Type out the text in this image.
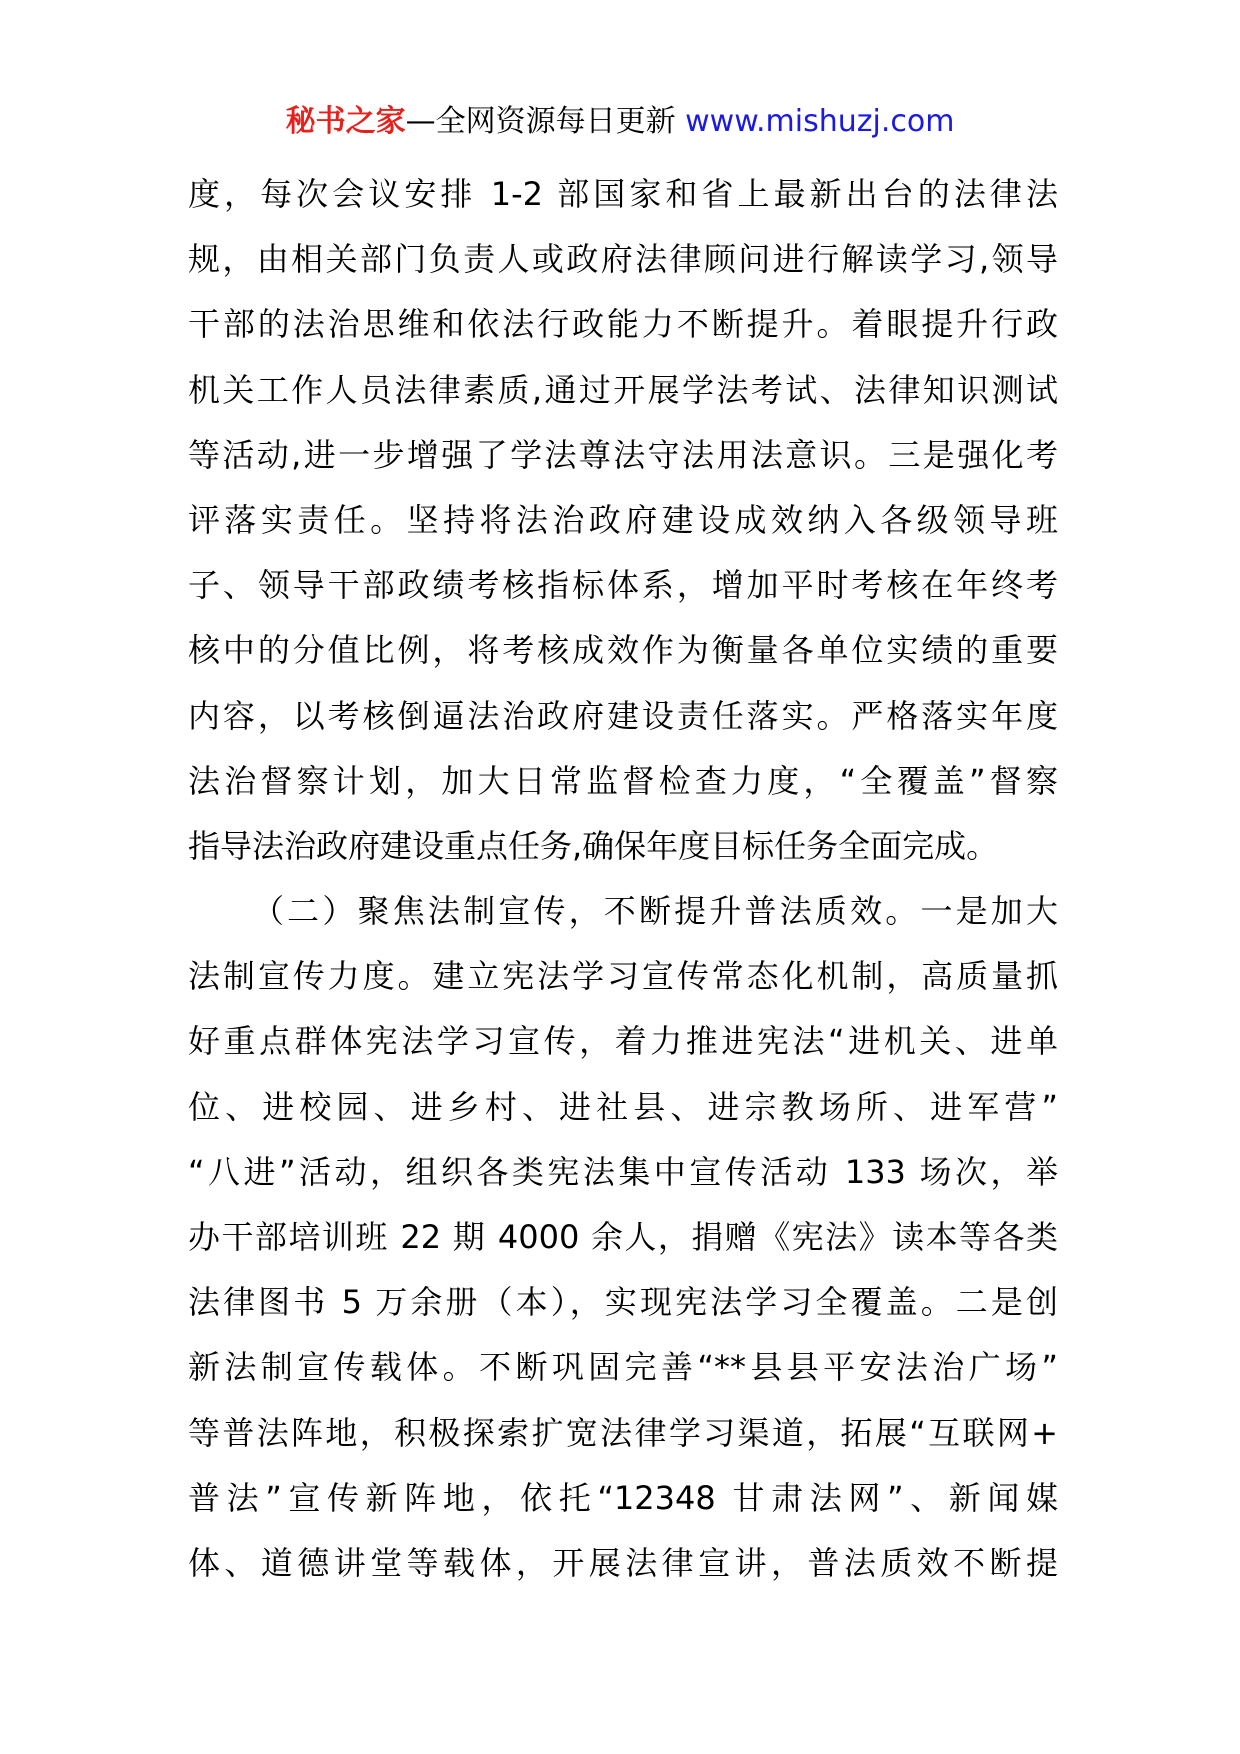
秘书之家—全网资源每日更新 www.mishuzj.com
度，每次会议安排 1-2 部国家和省上最新出台的法律法
规，由相关部门负责人或政府法律顾问进行解读学习,领导
干部的法治思维和依法行政能力不断提升。着眼提升行政
机关工作人员法律素质,通过开展学法考试、法律知识测试
等活动,进一步增强了学法尊法守法用法意识。三是强化考
评落实责任。坚持将法治政府建设成效纳入各级领导班
子、领导干部政绩考核指标体系，增加平时考核在年终考
核中的分值比例，将考核成效作为衡量各单位实绩的重要
内容，以考核倒逼法治政府建设责任落实。严格落实年度
法治督察计划，加大日常监督检查力度，“全覆盖”督察
指导法治政府建设重点任务,确保年度目标任务全面完成。
（二）聚焦法制宣传，不断提升普法质效。一是加大
法制宣传力度。建立宪法学习宣传常态化机制，高质量抓
好重点群体宪法学习宣传，着力推进宪法“进机关、进单
位、进校园、进乡村、进社县、进宗教场所、进军营”
“八进”活动，组织各类宪法集中宣传活动 133 场次，举
办干部培训班 22 期 4000 余人，捐赠《宪法》读本等各类
法律图书 5 万余册（本），实现宪法学习全覆盖。二是创
新法制宣传载体。不断巩固完善“**县县平安法治广场”
等普法阵地，积极探索扩宽法律学习渠道，拓展“互联网+
普法”宣传新阵地，依托“12348 甘肃法网”、新闻媒
体、道德讲堂等载体，开展法律宣讲，普法质效不断提
